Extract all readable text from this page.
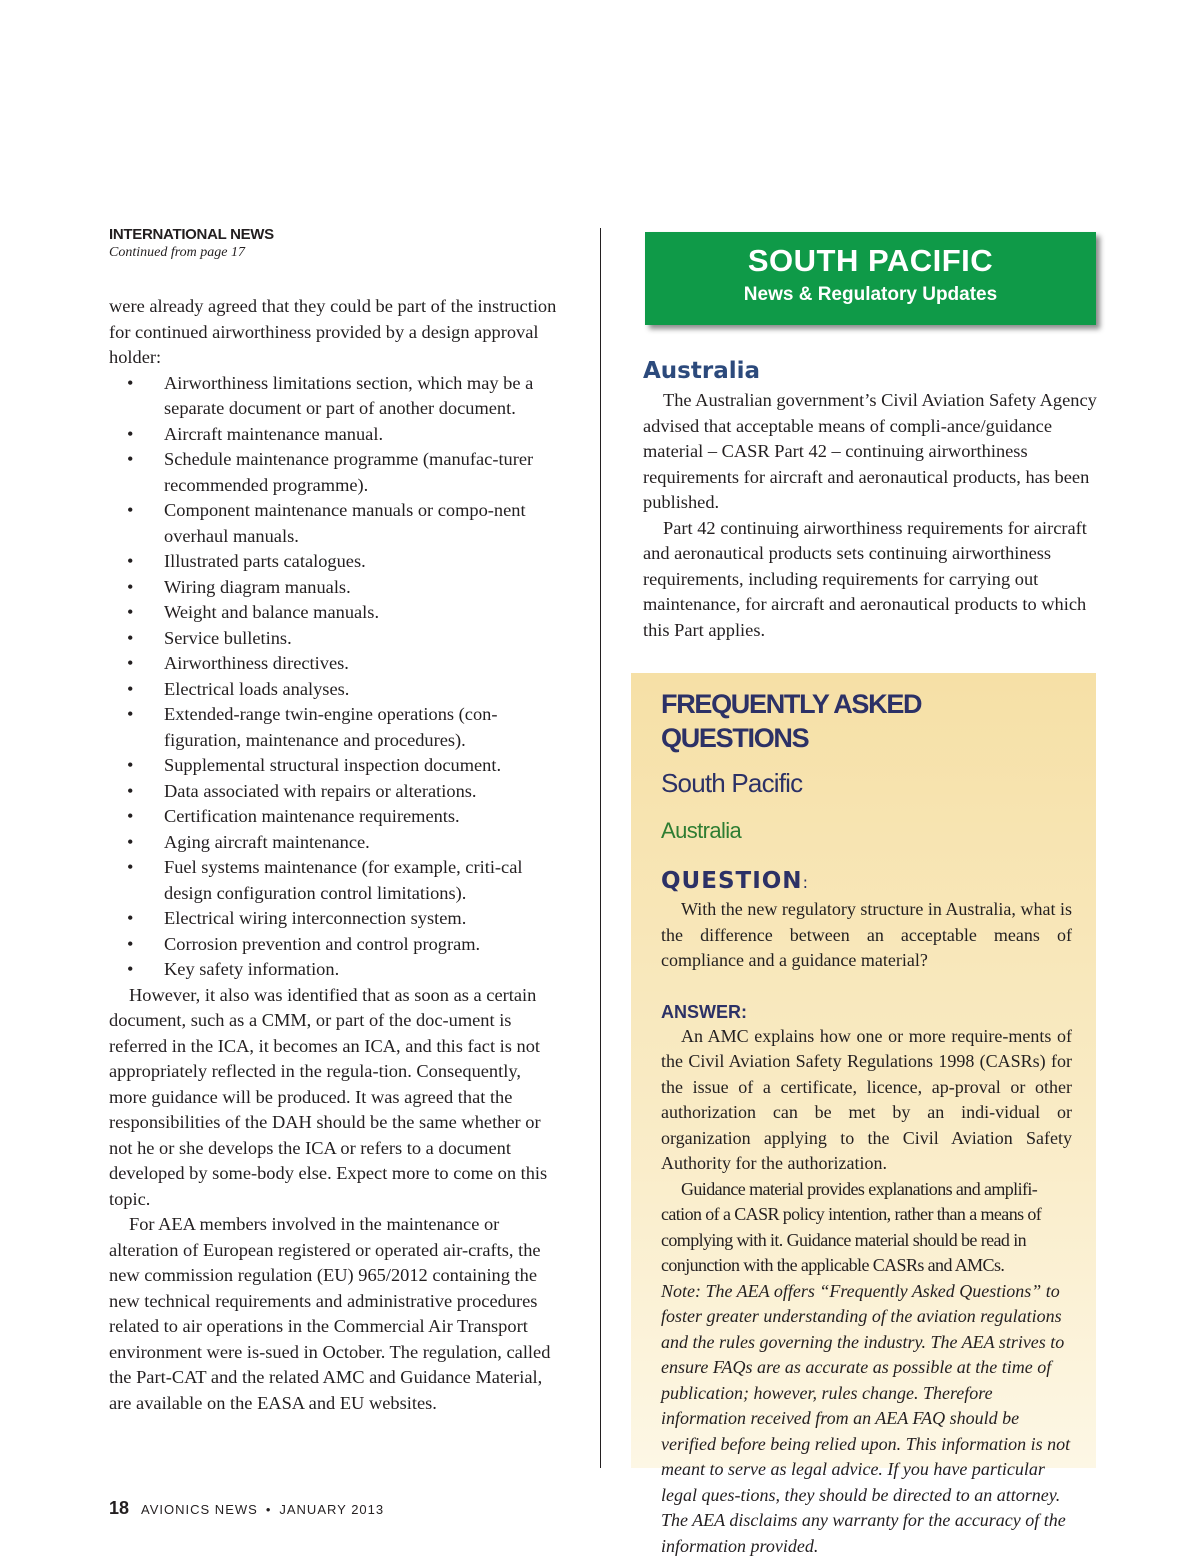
INTERNATIONAL NEWS
Continued from page 17

were already agreed that they could be part of the instruction for continued airworthiness provided by a design approval holder:

• Airworthiness limitations section, which may be a separate document or part of another document.
• Aircraft maintenance manual.
• Schedule maintenance programme (manufac-turer recommended programme).
• Component maintenance manuals or compo-nent overhaul manuals.
• Illustrated parts catalogues.
• Wiring diagram manuals.
• Weight and balance manuals.
• Service bulletins.
• Airworthiness directives.
• Electrical loads analyses.
• Extended-range twin-engine operations (con-figuration, maintenance and procedures).
• Supplemental structural inspection document.
• Data associated with repairs or alterations.
• Certification maintenance requirements.
• Aging aircraft maintenance.
• Fuel systems maintenance (for example, criti-cal design configuration control limitations).
• Electrical wiring interconnection system.
• Corrosion prevention and control program.
• Key safety information.

However, it also was identified that as soon as a certain document, such as a CMM, or part of the doc-ument is referred in the ICA, it becomes an ICA, and this fact is not appropriately reflected in the regula-tion. Consequently, more guidance will be produced. It was agreed that the responsibilities of the DAH should be the same whether or not he or she develops the ICA or refers to a document developed by some-body else. Expect more to come on this topic.

For AEA members involved in the maintenance or alteration of European registered or operated air-crafts, the new commission regulation (EU) 965/2012 containing the new technical requirements and administrative procedures related to air operations in the Commercial Air Transport environment were is-sued in October. The regulation, called the Part-CAT and the related AMC and Guidance Material, are available on the EASA and EU websites.

SOUTH PACIFIC
News & Regulatory Updates
Australia

The Australian government’s Civil Aviation Safety Agency advised that acceptable means of compli-ance/guidance material – CASR Part 42 – continuing airworthiness requirements for aircraft and aeronautical products, has been published.

Part 42 continuing airworthiness requirements for aircraft and aeronautical products sets continuing airworthiness requirements, including requirements for carrying out maintenance, for aircraft and aeronautical products to which this Part applies.

FREQUENTLY ASKED QUESTIONS
South Pacific
Australia
QUESTION:

With the new regulatory structure in Australia, what is the difference between an acceptable means of compliance and a guidance material?

ANSWER:

An AMC explains how one or more require-ments of the Civil Aviation Safety Regulations 1998 (CASRs) for the issue of a certificate, licence, ap-proval or other authorization can be met by an indi-vidual or organization applying to the Civil Aviation Safety Authority for the authorization.

Guidance material provides explanations and amplifi-cation of a CASR policy intention, rather than a means of complying with it. Guidance material should be read in conjunction with the applicable CASRs and AMCs.

Note: The AEA offers “Frequently Asked Questions” to foster greater understanding of the aviation regulations and the rules governing the industry. The AEA strives to ensure FAQs are as accurate as possible at the time of publication; however, rules change. Therefore information received from an AEA FAQ should be verified before being relied upon. This information is not meant to serve as legal advice. If you have particular legal ques-tions, they should be directed to an attorney. The AEA disclaims any warranty for the accuracy of the information provided.

18 AVIONICS NEWS • JANUARY 2013
